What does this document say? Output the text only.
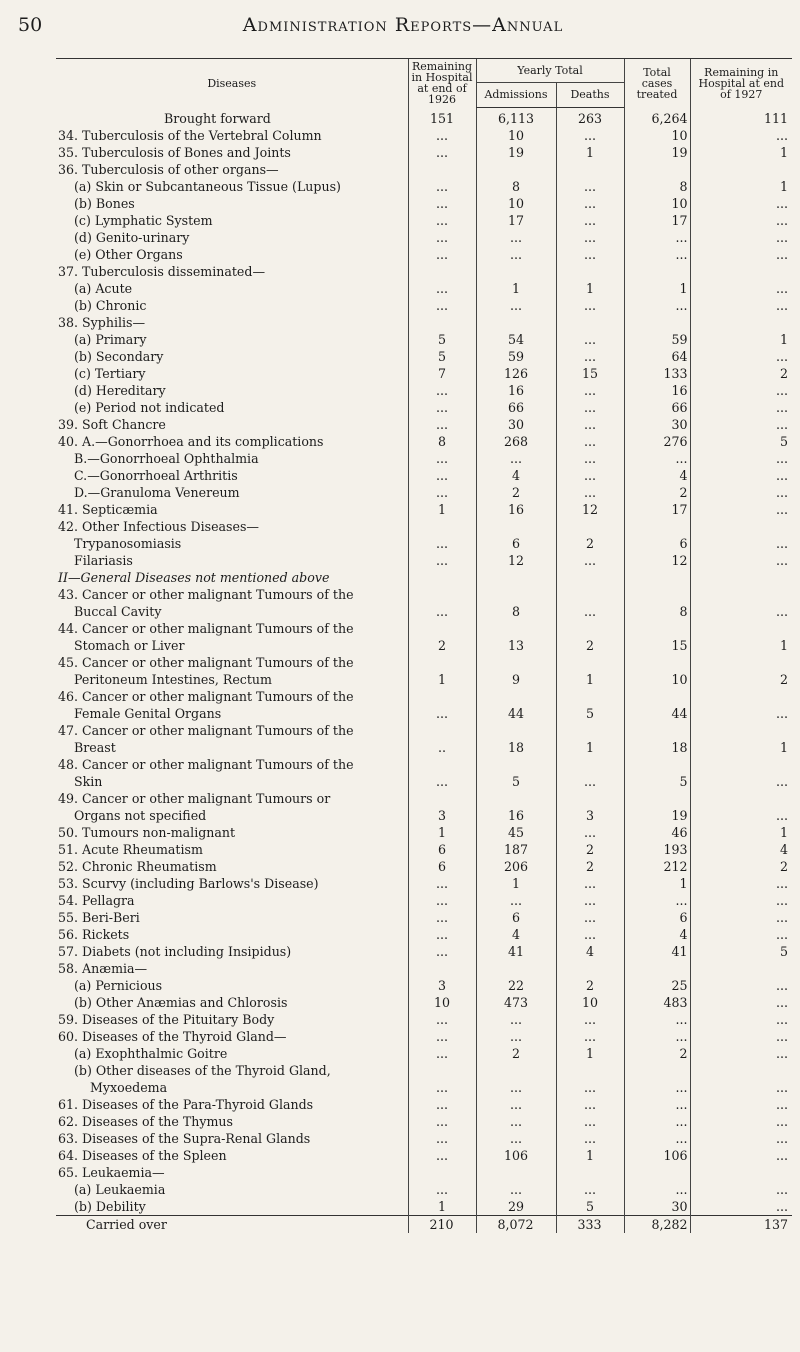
50	Administration Reports—Annual
Diseases	Remaining in Hospital at end of 1926	Yearly Total		Total cases treated	Remaining in Hospital at end of 1927
		Admissions	Deaths		
Brought forward	151	6,113	263	6,264	111
34. Tuberculosis of the Vertebral Column	...	10	...	10	...
35. Tuberculosis of Bones and Joints	...	19	1	19	1
36. Tuberculosis of other organs—					
(a) Skin or Subcantaneous Tissue (Lupus)	...	8	...	8	1
(b) Bones	...	10	...	10	...
(c) Lymphatic System	...	17	...	17	...
(d) Genito-urinary	...	...	...	...	...
(e) Other Organs	...	...	...	...	...
37. Tuberculosis disseminated—					
(a) Acute	...	1	1	1	...
(b) Chronic	...	...	...	...	...
38. Syphilis—					
(a) Primary	5	54	...	59	1
(b) Secondary	5	59	...	64	...
(c) Tertiary	7	126	15	133	2
(d) Hereditary	...	16	...	16	...
(e) Period not indicated	...	66	...	66	...
39. Soft Chancre	...	30	...	30	...
40. A.—Gonorrhoea and its complications	8	268	...	276	5
B.—Gonorrhoeal Ophthalmia	...	...	...	...	...
C.—Gonorrhoeal Arthritis	...	4	...	4	...
D.—Granuloma Venereum	...	2	...	2	...
41. Septicæmia	1	16	12	17	...
42. Other Infectious Diseases—					
Trypanosomiasis	...	6	2	6	...
Filariasis	...	12	...	12	...
II—General Diseases not mentioned above					
43. Cancer or other malignant Tumours of the					
Buccal Cavity	...	8	...	8	...
44. Cancer or other malignant Tumours of the					
Stomach or Liver	2	13	2	15	1
45. Cancer or other malignant Tumours of the					
Peritoneum Intestines, Rectum	1	9	1	10	2
46. Cancer or other malignant Tumours of the					
Female Genital Organs	...	44	5	44	...
47. Cancer or other malignant Tumours of the					
Breast	..	18	1	18	1
48. Cancer or other malignant Tumours of the					
Skin	...	5	...	5	...
49. Cancer or other malignant Tumours or					
Organs not specified	3	16	3	19	...
50. Tumours non-malignant	1	45	...	46	1
51. Acute Rheumatism	6	187	2	193	4
52. Chronic Rheumatism	6	206	2	212	2
53. Scurvy (including Barlows's Disease)	...	1	...	1	...
54. Pellagra	...	...	...	...	...
55. Beri-Beri	...	6	...	6	...
56. Rickets	...	4	...	4	...
57. Diabets (not including Insipidus)	...	41	4	41	5
58. Anæmia—					
(a) Pernicious	3	22	2	25	...
(b) Other Anæmias and Chlorosis	10	473	10	483	...
59. Diseases of the Pituitary Body	...	...	...	...	...
60. Diseases of the Thyroid Gland—	...	...	...	...	...
(a) Exophthalmic Goitre	...	2	1	2	...
(b) Other diseases of the Thyroid Gland,					
Myxoedema	...	...	...	...	...
61. Diseases of the Para-Thyroid Glands	...	...	...	...	...
62. Diseases of the Thymus	...	...	...	...	...
63. Diseases of the Supra-Renal Glands	...	...	...	...	...
64. Diseases of the Spleen	...	106	1	106	...
65. Leukaemia—					
(a) Leukaemia	...	...	...	...	...
(b) Debility	1	29	5	30	...
Carried over	210	8,072	333	8,282	137
